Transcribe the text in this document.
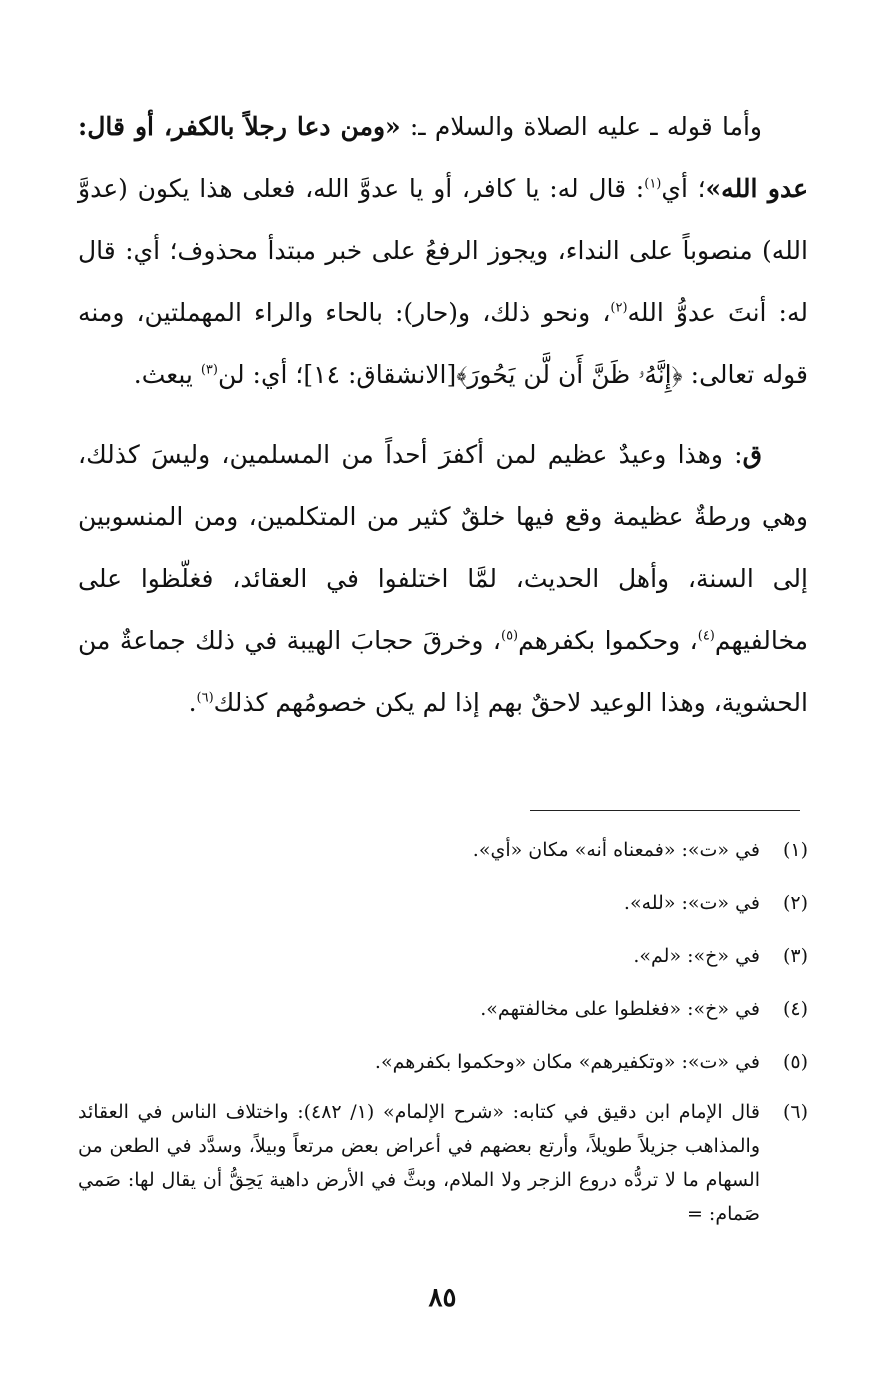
وأما قوله ـ عليه الصلاة والسلام ـ: «ومن دعا رجلاً بالكفر، أو قال: عدو الله»؛ أي$^{(١)}$: قال له: يا كافر، أو يا عدوَّ الله، فعلى هذا يكون (عدوَّ الله) منصوباً على النداء، ويجوز الرفعُ على خبر مبتدأ محذوف؛ أي: قال له: أنتَ عدوُّ الله$^{(٢)}$، ونحو ذلك، و(حار): بالحاء والراء المهملتين، ومنه قوله تعالى: ﴿إِنَّهُۥ ظَنَّ أَن لَّن يَحُورَ﴾[الانشقاق: ١٤]؛ أي: لن$^{(٣)}$ يبعث.

ق: وهذا وعيدٌ عظيم لمن أكفرَ أحداً من المسلمين، وليسَ كذلك، وهي ورطةٌ عظيمة وقع فيها خلقٌ كثير من المتكلمين، ومن المنسوبين إلى السنة، وأهل الحديث، لمَّا اختلفوا في العقائد، فغلّظوا على مخالفيهم$^{(٤)}$، وحكموا بكفرهم$^{(٥)}$، وخرقَ حجابَ الهيبة في ذلك جماعةٌ من الحشوية، وهذا الوعيد لاحقٌ بهم إذا لم يكن خصومُهم كذلك$^{(٦)}$.

(١)
في «ت»: «فمعناه أنه» مكان «أي».
(٢)
في «ت»: «لله».
(٣)
في «خ»: «لم».
(٤)
في «خ»: «فغلطوا على مخالفتهم».
(٥)
في «ت»: «وتكفيرهم» مكان «وحكموا بكفرهم».
(٦)
قال الإمام ابن دقيق في كتابه: «شرح الإلمام» (١/ ٤٨٢): واختلاف الناس في العقائد والمذاهب جزيلاً طويلاً، وأرتع بعضهم في أعراض بعض مرتعاً وبيلاً، وسدَّد في الطعن من السهام ما لا تردُّه دروع الزجر ولا الملام، وبثَّ في الأرض داهية يَحِقُّ أن يقال لها: صَمي صَمام: =
٨٥
